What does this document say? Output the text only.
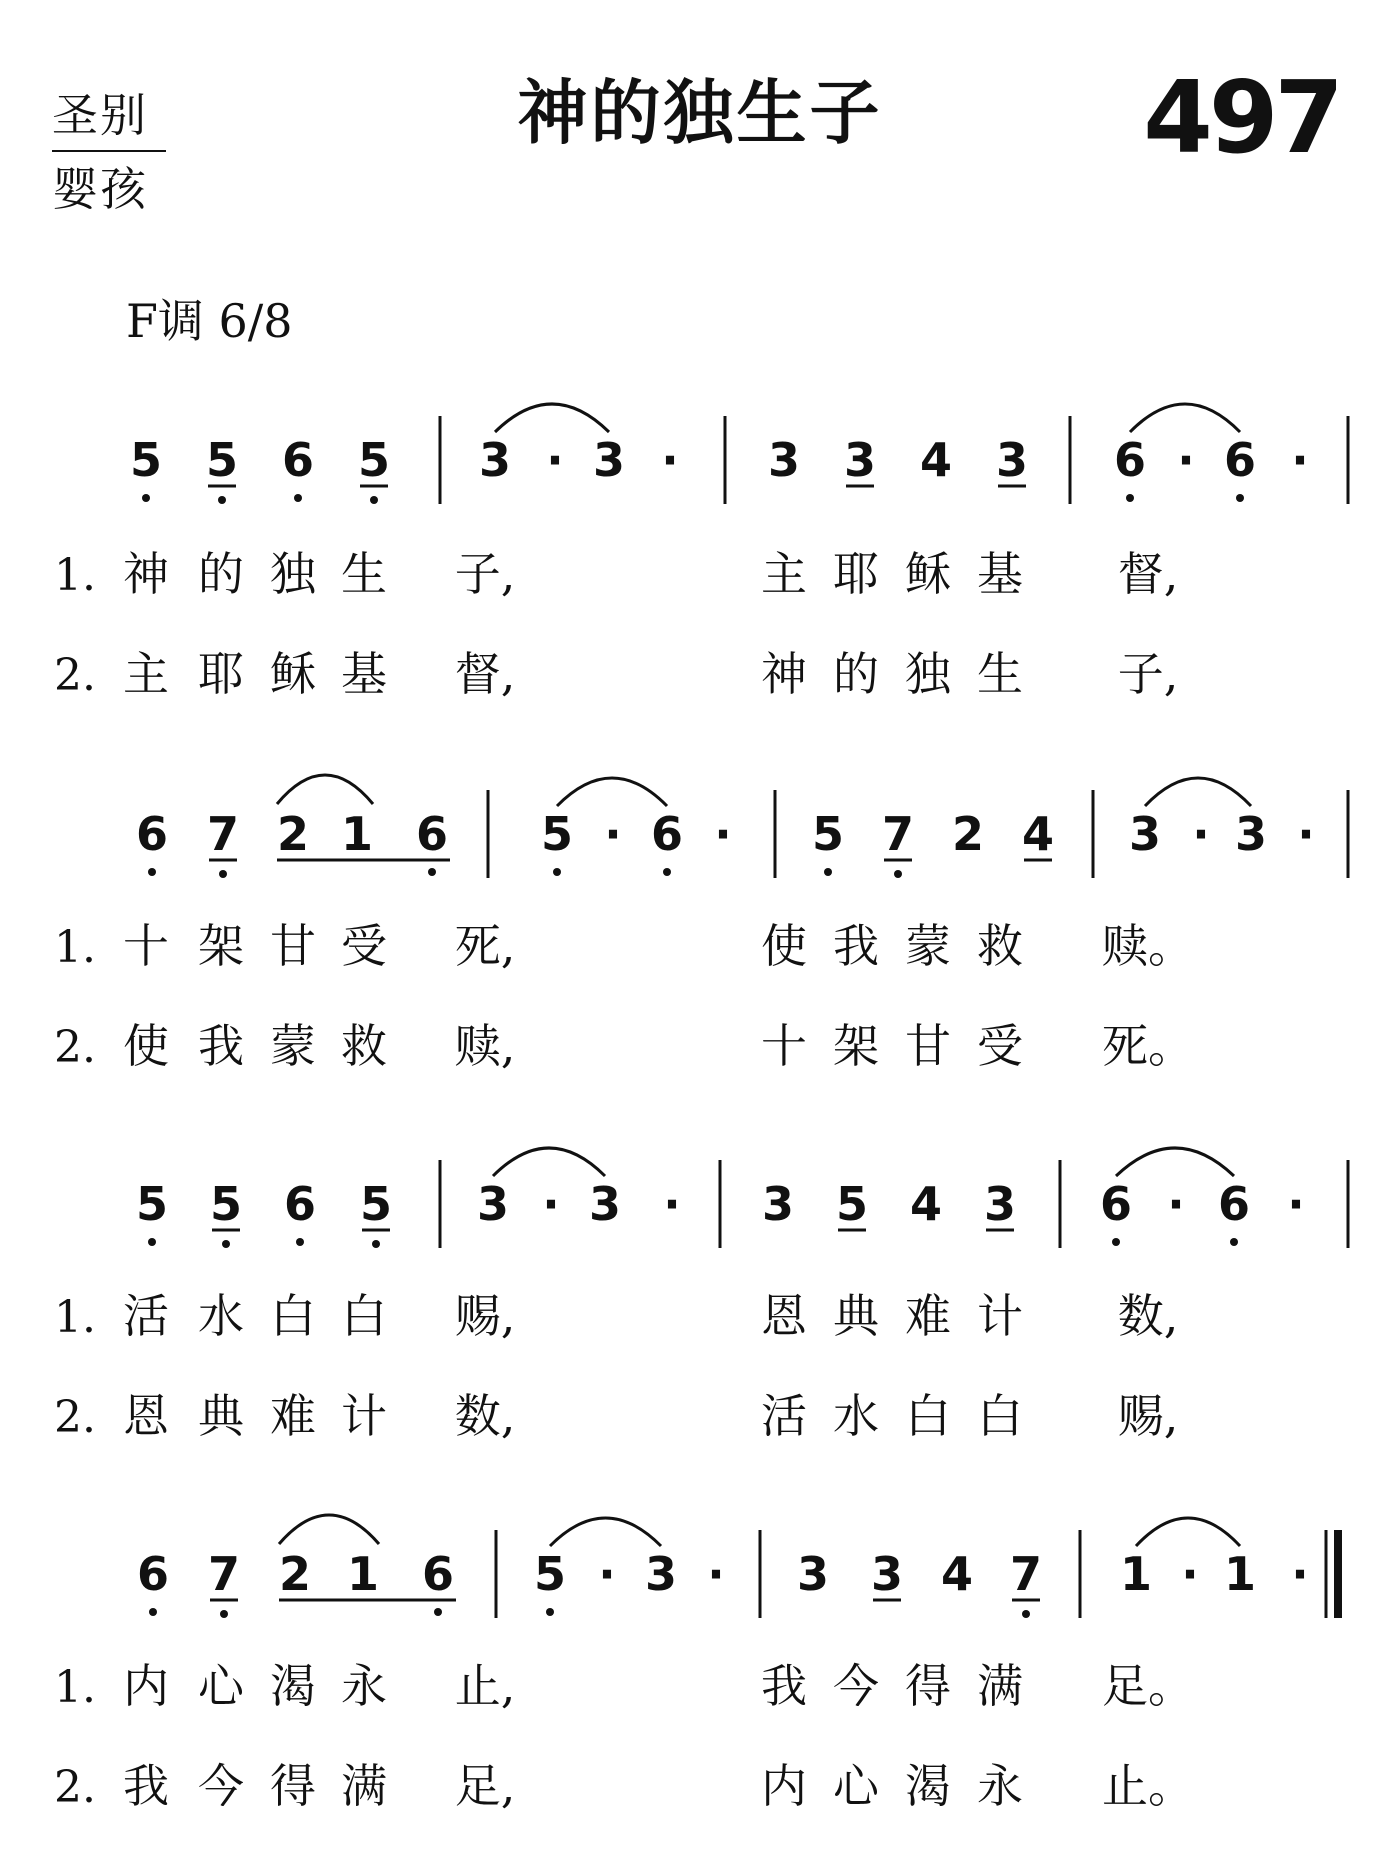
圣别
婴孩
神的独生子	497
F调 6/8
5 5 6 5 3 · 3 · 3 3 4 3 6 · 6 ·
1. 神 的 独 生 子,	主 耶 稣 基 督,
2. 主 耶 稣 基 督,	神 的 独 生 子,
6 7 2 1 6 5 · 6 · 5 7 2 4 3 · 3 ·
1. 十 架 甘 受 死,	使 我 蒙 救 赎。
2. 使 我 蒙 救 赎,	十 架 甘 受 死。
5 5 6 5 3 · 3 · 3 5 4 3 6 · 6 ·
1. 活 水 白 白 赐,	恩 典 难 计 数,
2. 恩 典 难 计 数,	活 水 白 白 赐,
6 7 2 1 6 5 · 3 · 3 3 4 7 1 · 1 ·
1. 内 心 渴 永 止,	我 今 得 满 足。
2. 我 今 得 满 足,	内 心 渴 永 止。
